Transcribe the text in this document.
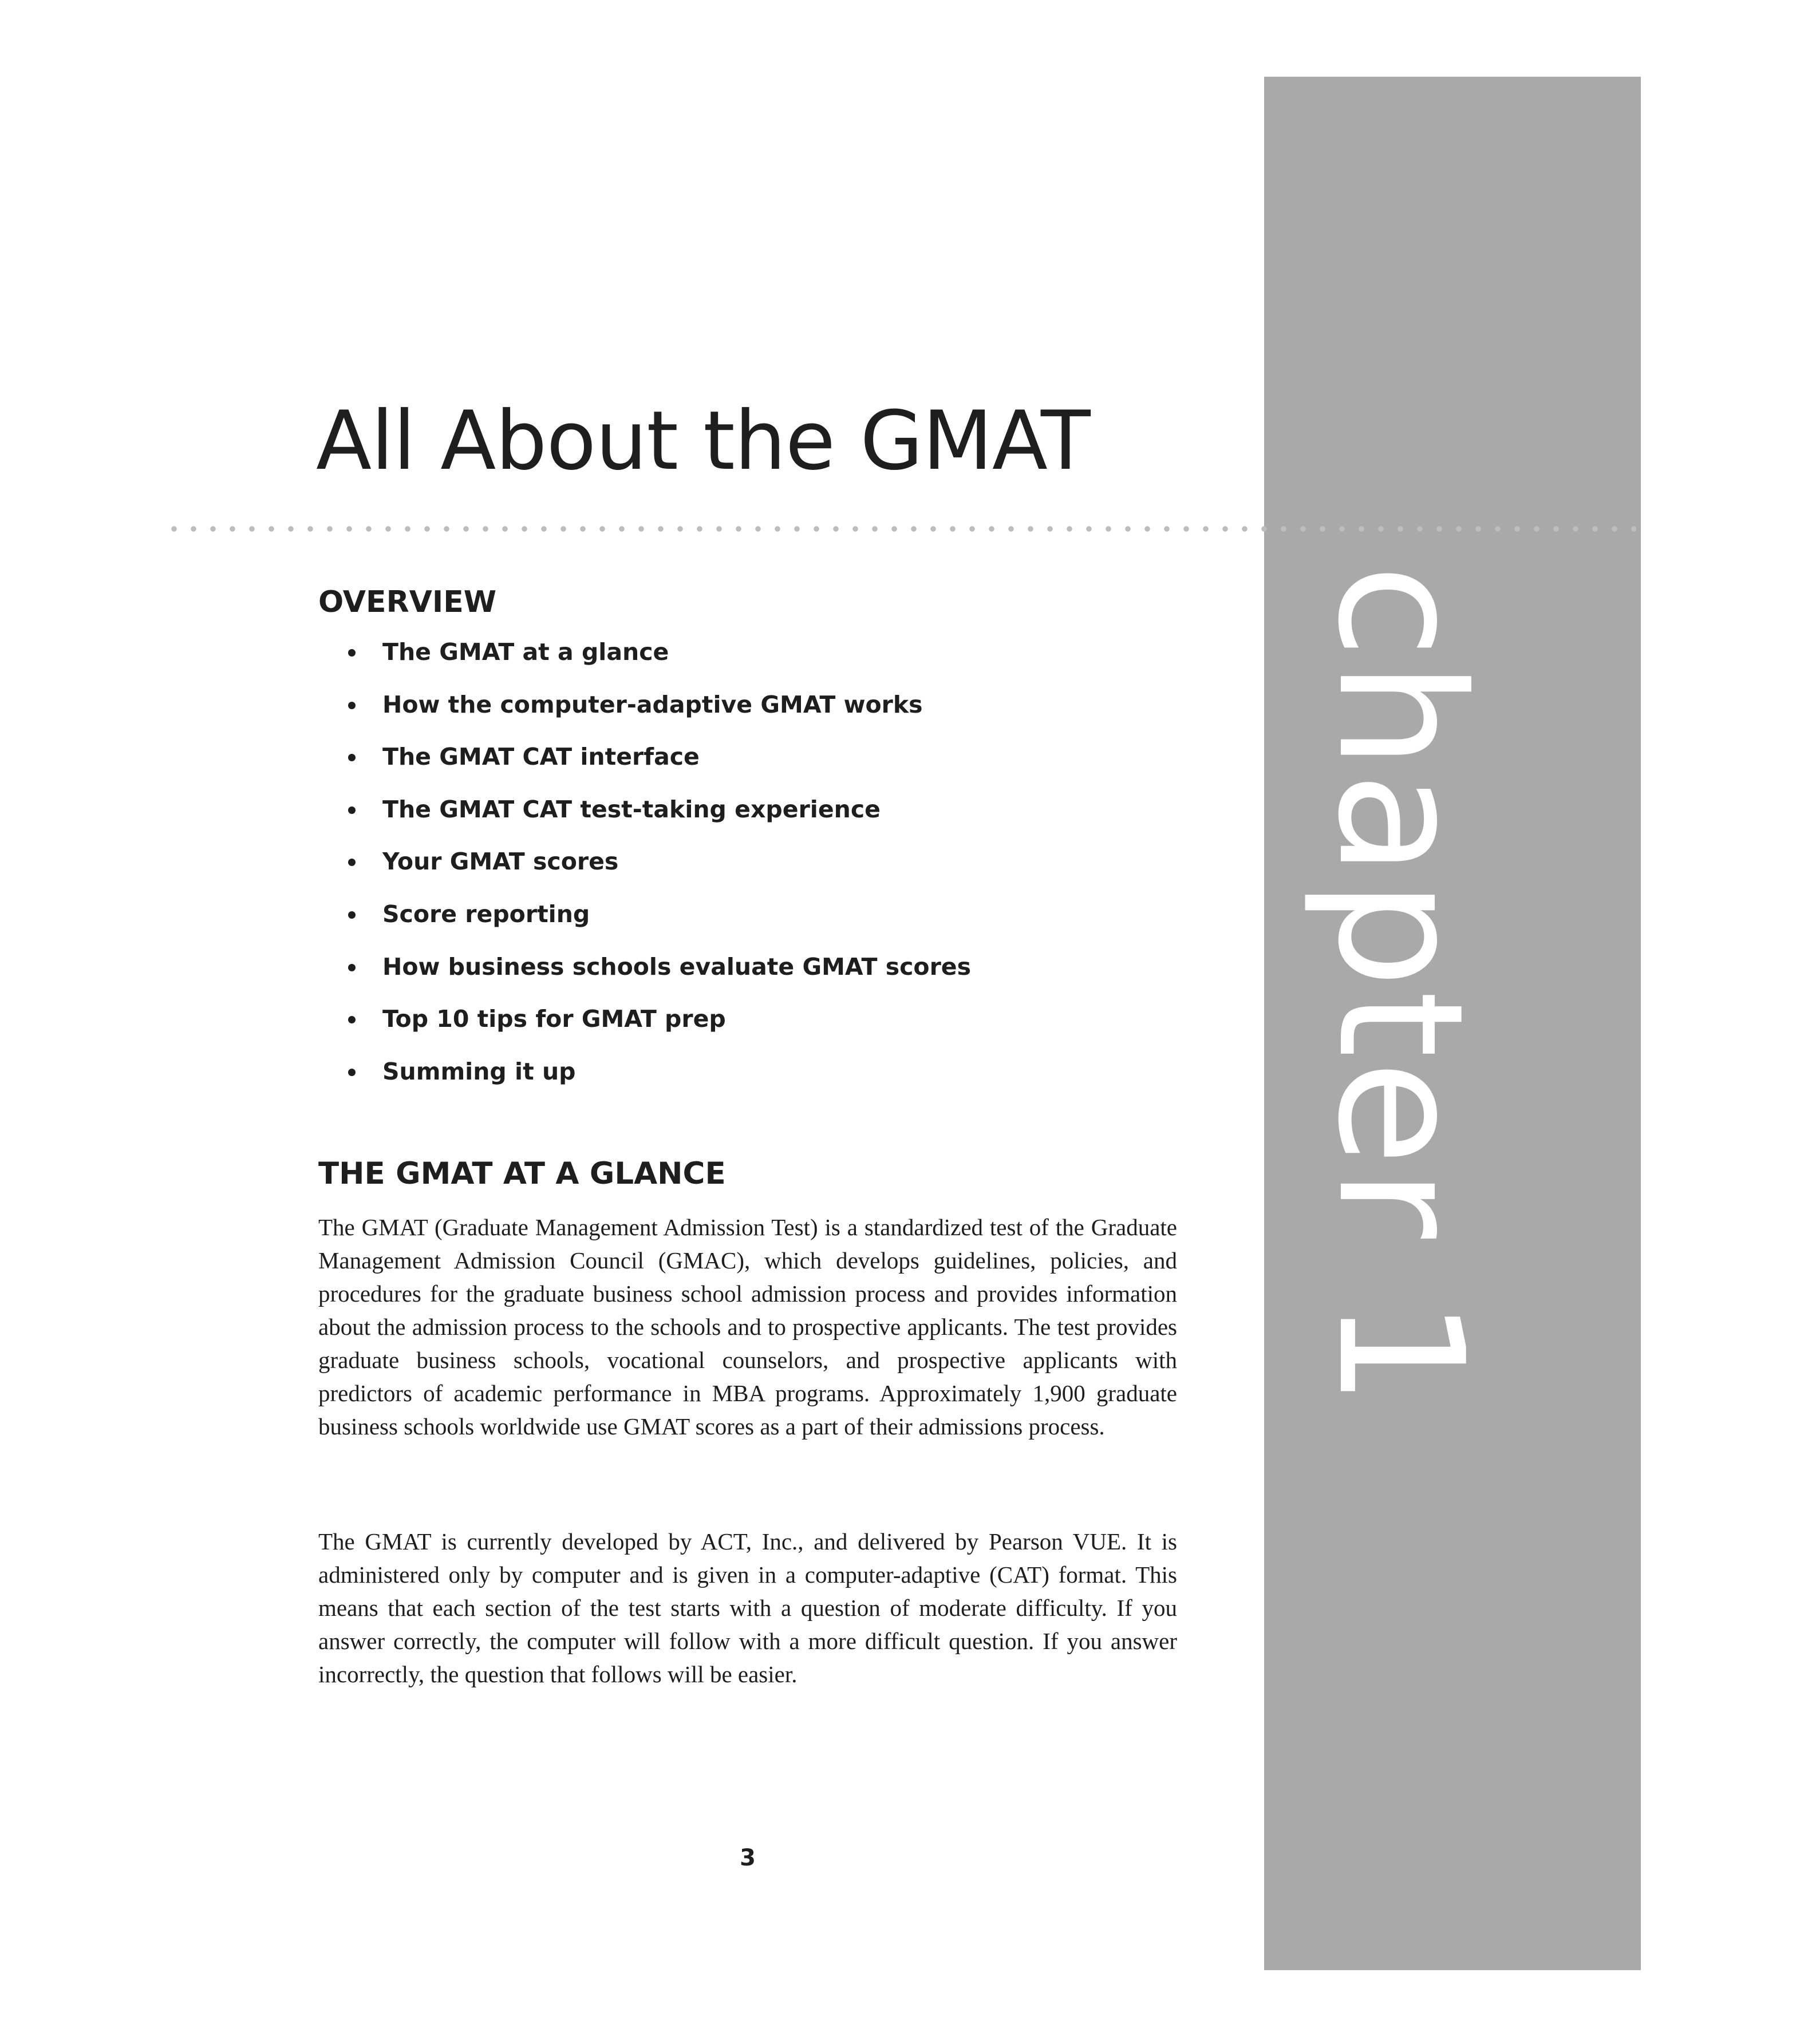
chapter 1
All About the GMAT
OVERVIEW
The GMAT at a glance
How the computer-adaptive GMAT works
The GMAT CAT interface
The GMAT CAT test-taking experience
Your GMAT scores
Score reporting
How business schools evaluate GMAT scores
Top 10 tips for GMAT prep
Summing it up
THE GMAT AT A GLANCE

The GMAT (Graduate Management Admission Test) is a standardized test of the Graduate Management Admission Council (GMAC), which develops guidelines, policies, and procedures for the graduate business school admission process and provides information about the admission process to the schools and to prospective applicants. The test provides graduate business schools, vocational counselors, and prospective applicants with predictors of academic performance in MBA programs. Approximately 1,900 graduate business schools worldwide use GMAT scores as a part of their admissions process.

The GMAT is currently developed by ACT, Inc., and delivered by Pearson VUE. It is administered only by computer and is given in a computer-adaptive (CAT) format. This means that each section of the test starts with a question of moderate difficulty. If you answer correctly, the computer will follow with a more difficult question. If you answer incorrectly, the question that follows will be easier.

3
